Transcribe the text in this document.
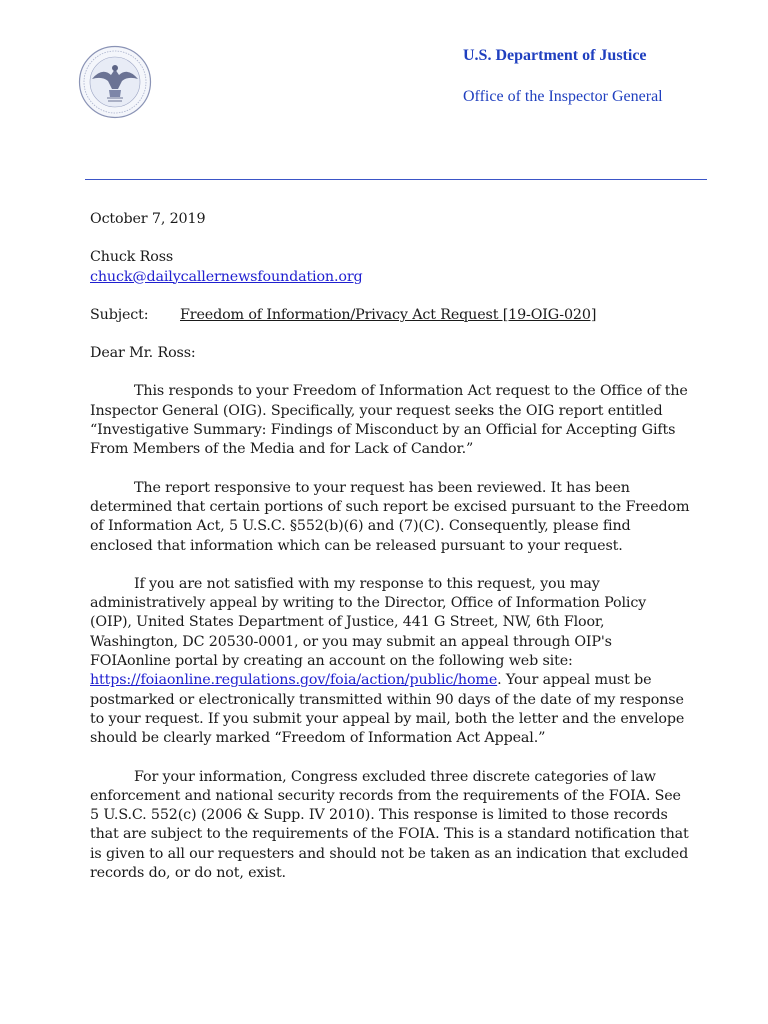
U.S. Department of Justice
Office of the Inspector General

October 7, 2019

Chuck Ross

chuck@dailycallernewsfoundation.org

Subject: Freedom of Information/Privacy Act Request [19-OIG-020]

Dear Mr. Ross:

This responds to your Freedom of Information Act request to the Office of the Inspector General (OIG). Specifically, your request seeks the OIG report entitled “Investigative Summary: Findings of Misconduct by an Official for Accepting Gifts From Members of the Media and for Lack of Candor.”

The report responsive to your request has been reviewed. It has been determined that certain portions of such report be excised pursuant to the Freedom of Information Act, 5 U.S.C. §552(b)(6) and (7)(C). Consequently, please find enclosed that information which can be released pursuant to your request.

If you are not satisfied with my response to this request, you may administratively appeal by writing to the Director, Office of Information Policy (OIP), United States Department of Justice, 441 G Street, NW, 6th Floor, Washington, DC 20530-0001, or you may submit an appeal through OIP's FOIAonline portal by creating an account on the following web site: https://foiaonline.regulations.gov/foia/action/public/home. Your appeal must be postmarked or electronically transmitted within 90 days of the date of my response to your request. If you submit your appeal by mail, both the letter and the envelope should be clearly marked “Freedom of Information Act Appeal.”

For your information, Congress excluded three discrete categories of law enforcement and national security records from the requirements of the FOIA. See 5 U.S.C. 552(c) (2006 & Supp. IV 2010). This response is limited to those records that are subject to the requirements of the FOIA. This is a standard notification that is given to all our requesters and should not be taken as an indication that excluded records do, or do not, exist.
